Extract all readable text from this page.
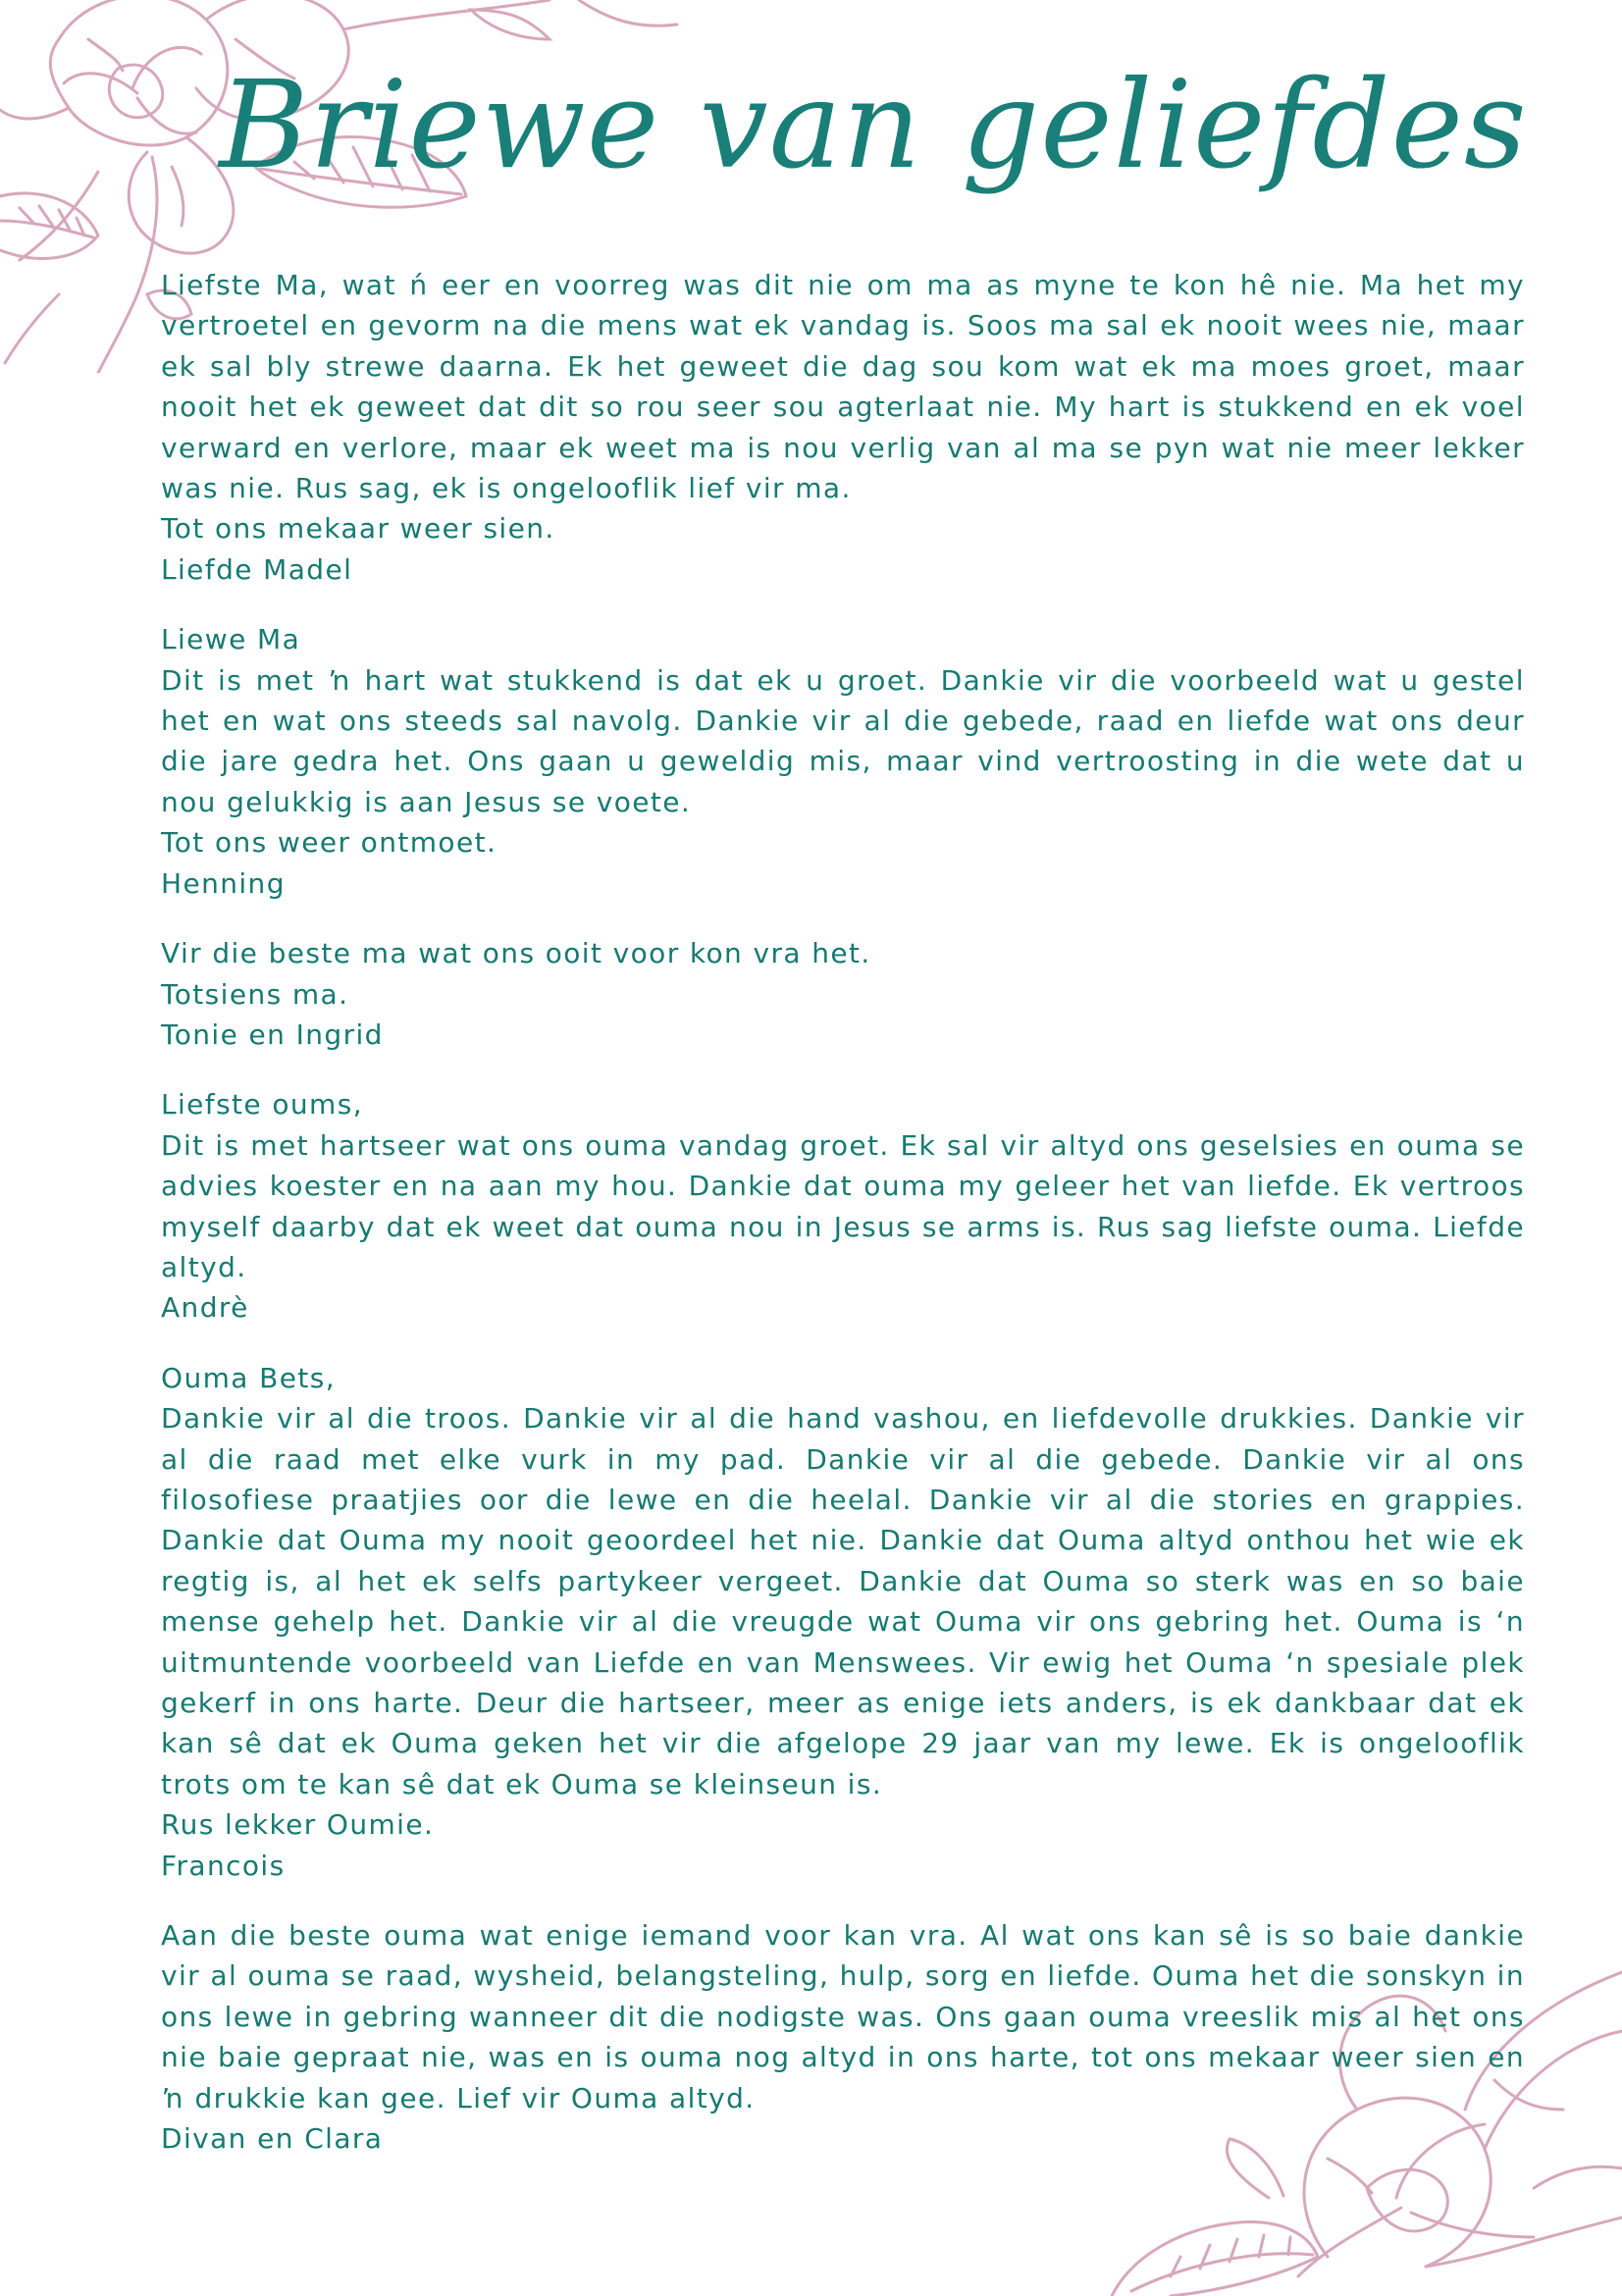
Briewe van geliefdes

Liefste Ma, wat ń eer en voorreg was dit nie om ma as myne te kon hê nie. Ma het my vertroetel en gevorm na die mens wat ek vandag is. Soos ma sal ek nooit wees nie, maar ek sal bly strewe daarna. Ek het geweet die dag sou kom wat ek ma moes groet, maar nooit het ek geweet dat dit so rou seer sou agterlaat nie. My hart is stukkend en ek voel verward en verlore, maar ek weet ma is nou verlig van al ma se pyn wat nie meer lekker was nie. Rus sag, ek is ongelooflik lief vir ma.

Tot ons mekaar weer sien.

Liefde Madel

Liewe Ma

Dit is met ŉ hart wat stukkend is dat ek u groet. Dankie vir die voorbeeld wat u gestel het en wat ons steeds sal navolg. Dankie vir al die gebede, raad en liefde wat ons deur die jare gedra het. Ons gaan u geweldig mis, maar vind vertroosting in die wete dat u nou gelukkig is aan Jesus se voete.

Tot ons weer ontmoet.

Henning

Vir die beste ma wat ons ooit voor kon vra het.

Totsiens ma.

Tonie en Ingrid

Liefste oums,

Dit is met hartseer wat ons ouma vandag groet. Ek sal vir altyd ons geselsies en ouma se advies koester en na aan my hou. Dankie dat ouma my geleer het van liefde. Ek vertroos myself daarby dat ek weet dat ouma nou in Jesus se arms is. Rus sag liefste ouma. Liefde altyd.

Andrè

Ouma Bets,

Dankie vir al die troos. Dankie vir al die hand vashou, en liefdevolle drukkies. Dankie vir al die raad met elke vurk in my pad. Dankie vir al die gebede. Dankie vir al ons filosofiese praatjies oor die lewe en die heelal. Dankie vir al die stories en grappies. Dankie dat Ouma my nooit geoordeel het nie. Dankie dat Ouma altyd onthou het wie ek regtig is, al het ek selfs partykeer vergeet. Dankie dat Ouma so sterk was en so baie mense gehelp het. Dankie vir al die vreugde wat Ouma vir ons gebring het. Ouma is ‘n uitmuntende voorbeeld van Liefde en van Menswees. Vir ewig het Ouma ‘n spesiale plek gekerf in ons harte. Deur die hartseer, meer as enige iets anders, is ek dankbaar dat ek kan sê dat ek Ouma geken het vir die afgelope 29 jaar van my lewe. Ek is ongelooflik trots om te kan sê dat ek Ouma se kleinseun is.

Rus lekker Oumie.

Francois

Aan die beste ouma wat enige iemand voor kan vra. Al wat ons kan sê is so baie dankie vir al ouma se raad, wysheid, belangsteling, hulp, sorg en liefde. Ouma het die sonskyn in ons lewe in gebring wanneer dit die nodigste was. Ons gaan ouma vreeslik mis al het ons nie baie gepraat nie, was en is ouma nog altyd in ons harte, tot ons mekaar weer sien en ŉ drukkie kan gee. Lief vir Ouma altyd.

Divan en Clara
